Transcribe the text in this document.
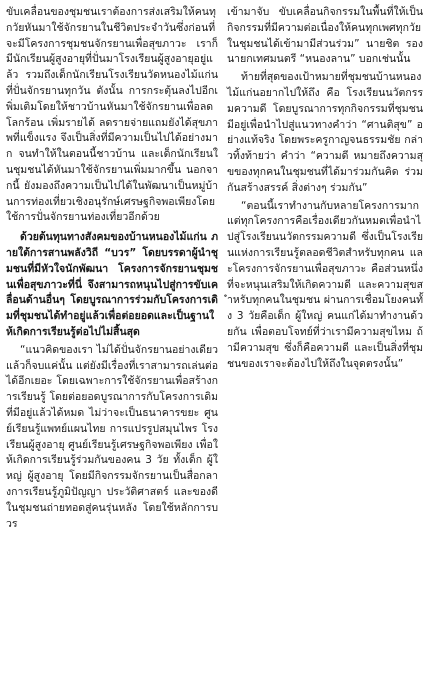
ขับเคลื่อนของชุมชนเราต้องการส่งเสริมให้คนทุกวัยหันมาใช้จักรยานในชีวิตประจำวันซึ่งก่อนที่จะมีโครงการชุมชนจักรยานเพื่อสุขภาวะ เราก็มีนักเรียนผู้สูงอายุที่ปั่นมาโรงเรียนผู้สูงอายุอยู่แล้ว รวมถึงเด็กนักเรียนโรงเรียนวัดหนองไม้แก่นที่ปั่นจักรยานทุกวัน ดังนั้น การกระตุ้นลงไปอีกเพิ่มเติมโดยให้ชาวบ้านหันมาใช้จักรยานเพื่อลดโลกร้อน เพิ่มรายได้ ลดรายจ่ายแถมยังได้สุขภาพที่แข็งแรง จึงเป็นสิ่งที่มีความเป็นไปได้อย่างมาก จนทำให้ในตอนนี้ชาวบ้าน และเด็กนักเรียนในชุมชนได้หันมาใช้จักรยานเพิ่มมากขึ้น นอกจากนี้ ยังมองถึงความเป็นไปได้ในพัฒนาเป็นหมู่บ้านการท่องเที่ยวเชิงอนุรักษ์เศรษฐกิจพอเพียงโดยใช้การปั่นจักรยานท่องเที่ยวอีกด้วย

ด้วยต้นทุนทางสังคมของบ้านหนองไม้แก่น ภายใต้การสานพลังวิถี “บวร” โดยบรรดาผู้นำชุมชนที่มีหัวใจนักพัฒนา โครงการจักรยานชุมชนเพื่อสุขภาวะที่นี่ จึงสามารถหนุนไปสู่การขับเคลื่อนด้านอื่นๆ โดยบูรณาการร่วมกับโครงการเดิมที่ชุมชนได้ทำอยู่แล้วเพื่อต่อยอดและเป็นฐานให้เกิดการเรียนรู้ต่อไปไม่สิ้นสุด

“แนวคิดของเรา ไม่ได้ปั่นจักรยานอย่างเดียวแล้วก็จบแค่นั้น แต่ยังมีเรื่องที่เราสามารถเล่นต่อได้อีกเยอะ โดยเฉพาะการใช้จักรยานเพื่อสร้างการเรียนรู้ โดยต่อยอดบูรณาการกับโครงการเดิมที่มีอยู่แล้วได้หมด ไม่ว่าจะเป็นธนาคารขยะ ศูนย์เรียนรู้แพทย์แผนไทย การแปรรูปสมุนไพร โรงเรียนผู้สูงอายุ ศูนย์เรียนรู้เศรษฐกิจพอเพียง เพื่อให้เกิดการเรียนรู้ร่วมกันของคน 3 วัย ทั้งเด็ก ผู้ใหญ่ ผู้สูงอายุ โดยมีกิจกรรมจักรยานเป็นสื่อกลางการเรียนรู้ภูมิปัญญา ประวัติศาสตร์ และของดีในชุมชนถ่ายทอดสู่คนรุ่นหลัง โดยใช้หลักการบวร

เข้ามาจับ ขับเคลื่อนกิจกรรมในพื้นที่ให้เป็นกิจกรรมที่มีความต่อเนื่องให้คนทุกเพศทุกวัยในชุมชนได้เข้ามามีส่วนร่วม” นายชิต รองนายกเทศมนตรี “หนองลาน” บอกเช่นนั้น

ท้ายที่สุดของเป้าหมายที่ชุมชนบ้านหนองไม้แก่นอยากไปให้ถึง คือ โรงเรียนนวัตกรรมความดี โดยบูรณาการทุกกิจกรรมที่ชุมชนมีอยู่เพื่อนำไปสู่แนวทางคำว่า “ศานติสุข” อย่างแท้จริง โดยพระครูกาญจนธรรมชัย กล่าวทิ้งท้ายว่า คำว่า “ความดี หมายถึงความสุขของทุกคนในชุมชนที่ได้มาร่วมกันคิด ร่วมกันสร้างสรรค์ สิ่งต่างๆ ร่วมกัน”

“ตอนนี้เราทำงานกับหลายโครงการมากแต่ทุกโครงการคือเรื่องเดียวกันหมดเพื่อนำไปสู่โรงเรียนนวัตกรรมความดี ซึ่งเป็นโรงเรียนแห่งการเรียนรู้ตลอดชีวิตสำหรับทุกคน และโครงการจักรยานเพื่อสุขภาวะ คือส่วนหนึ่งที่จะหนุนเสริมให้เกิดความดี และความสุขสำหรับทุกคนในชุมชน ผ่านการเชื่อมโยงคนทั้ง 3 วัยคือเด็ก ผู้ใหญ่ คนแก่ได้มาทำงานด้วยกัน เพื่อตอบโจทย์ที่ว่าเรามีความสุขไหม ถ้ามีความสุข ซึ่งก็คือความดี และเป็นสิ่งที่ชุมชนของเราจะต้องไปให้ถึงในจุดตรงนั้น”
